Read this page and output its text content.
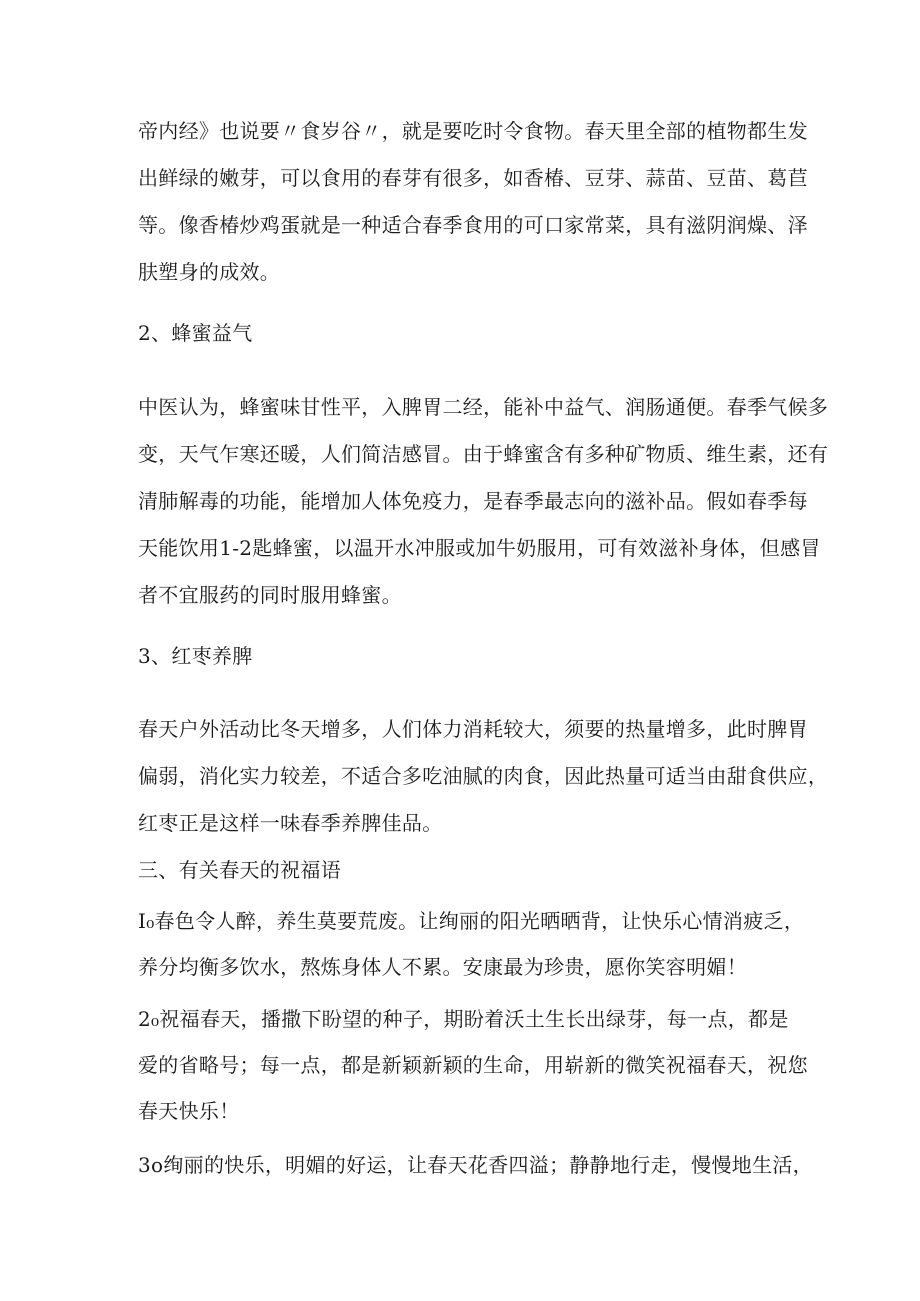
帝内经》也说要〃食岁谷〃，就是要吃时令食物。春天里全部的植物都生发
出鲜绿的嫩芽，可以食用的春芽有很多，如香椿、豆芽、蒜苗、豆苗、葛苣
等。像香椿炒鸡蛋就是一种适合春季食用的可口家常菜，具有滋阴润燥、泽
肤塑身的成效。
2、蜂蜜益气
中医认为，蜂蜜味甘性平，入脾胃二经，能补中益气、润肠通便。春季气候多
变，天气乍寒还暖，人们简洁感冒。由于蜂蜜含有多种矿物质、维生素，还有
清肺解毒的功能，能增加人体免疫力，是春季最志向的滋补品。假如春季每
天能饮用1-2匙蜂蜜，以温开水冲服或加牛奶服用，可有效滋补身体，但感冒
者不宜服药的同时服用蜂蜜。
3、红枣养脾
春天户外活动比冬天增多，人们体力消耗较大，须要的热量增多，此时脾胃
偏弱，消化实力较差，不适合多吃油腻的肉食，因此热量可适当由甜食供应，
红枣正是这样一味春季养脾佳品。
三、有关春天的祝福语
I₀春色令人醉，养生莫要荒废。让绚丽的阳光晒晒背，让快乐心情消疲乏，
养分均衡多饮水，熬炼身体人不累。安康最为珍贵，愿你笑容明媚！
2₀祝福春天，播撒下盼望的种子，期盼着沃土生长出绿芽，每一点，都是
爱的省略号；每一点，都是新颖新颖的生命，用崭新的微笑祝福春天，祝您
春天快乐！
3o绚丽的快乐，明媚的好运，让春天花香四溢；静静地行走，慢慢地生活，
